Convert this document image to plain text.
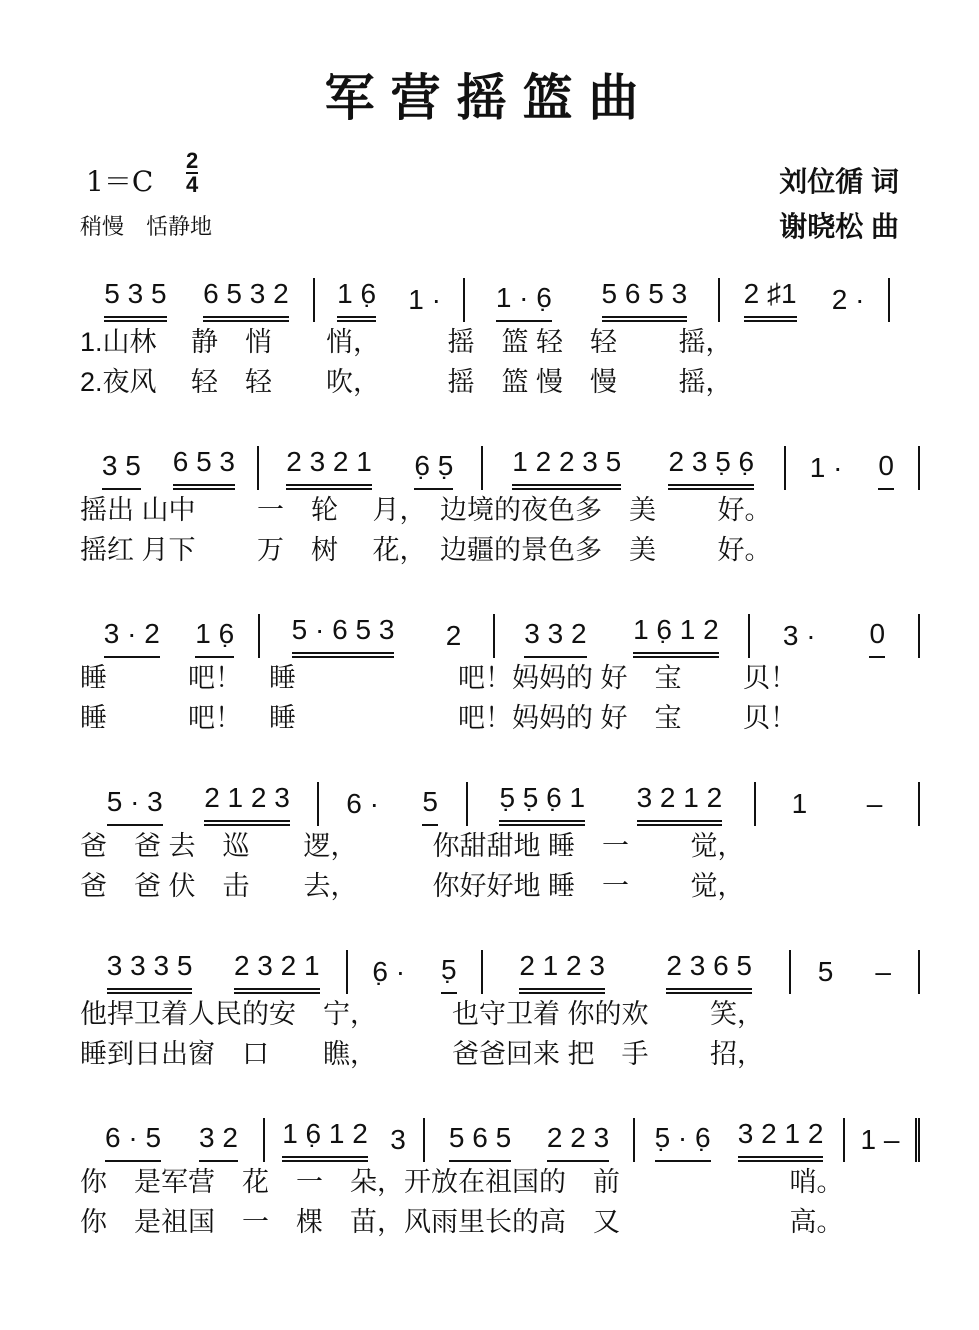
军营摇篮曲
1＝C
2
4
稍慢　恬静地
刘位循 词
谢晓松 曲
5 3 5 6 5 3 2 1 6̣ 1 · 1 · 6̣ 5 6 5 3 2 ♯1 2 ·
1.山林　 静　悄　　悄，　　　摇　篮 轻　轻　　 摇，
2.夜风　 轻　轻　　吹，　　　摇　篮 慢　慢　　 摇，
3 5 6 5 3 2 3 2 1 6̣ 5̣ 1 2 2 3 5 2 3 5̣ 6̣ 1 · 0
摇出 山中　　 一　轮　 月，　边境的夜色多　美　　 好。
摇红 月下　　 万　树　 花，　边疆的景色多　美　　 好。
3 · 2 1 6̣ 5 · 6 5 3 2 3 3 2 1 6̣ 1 2 3 · 0
睡　　　吧！　睡　　　　　　吧！妈妈的 好　宝　　 贝！
睡　　　吧！　睡　　　　　　吧！妈妈的 好　宝　　 贝！
5 · 3 2 1 2 3 6 · 5 5̣ 5̣ 6̣ 1 3 2 1 2 1 –
爸　爸 去　巡　　逻，　　　 你甜甜地 睡　一　　 觉，
爸　爸 伏　击　　去，　　　 你好好地 睡　一　　 觉，
3 3 3 5 2 3 2 1 6̣ · 5̣ 2 1 2 3 2 3 6 5 5 –
他捍卫着人民的安　宁，　　　 也守卫着 你的欢　　 笑，
睡到日出窗　口　　瞧，　　　 爸爸回来 把　手　　 招，
6 · 5 3 2 1 6̣ 1 2 3 5 6 5 2 2 3 5̣ · 6̣ 3 2 1 2 1 –
你　是军营　花　一　朵，开放在祖国的　前　　　　　　 哨。
你　是祖国　一　棵　苗，风雨里长的高　又　　　　　　 高。
